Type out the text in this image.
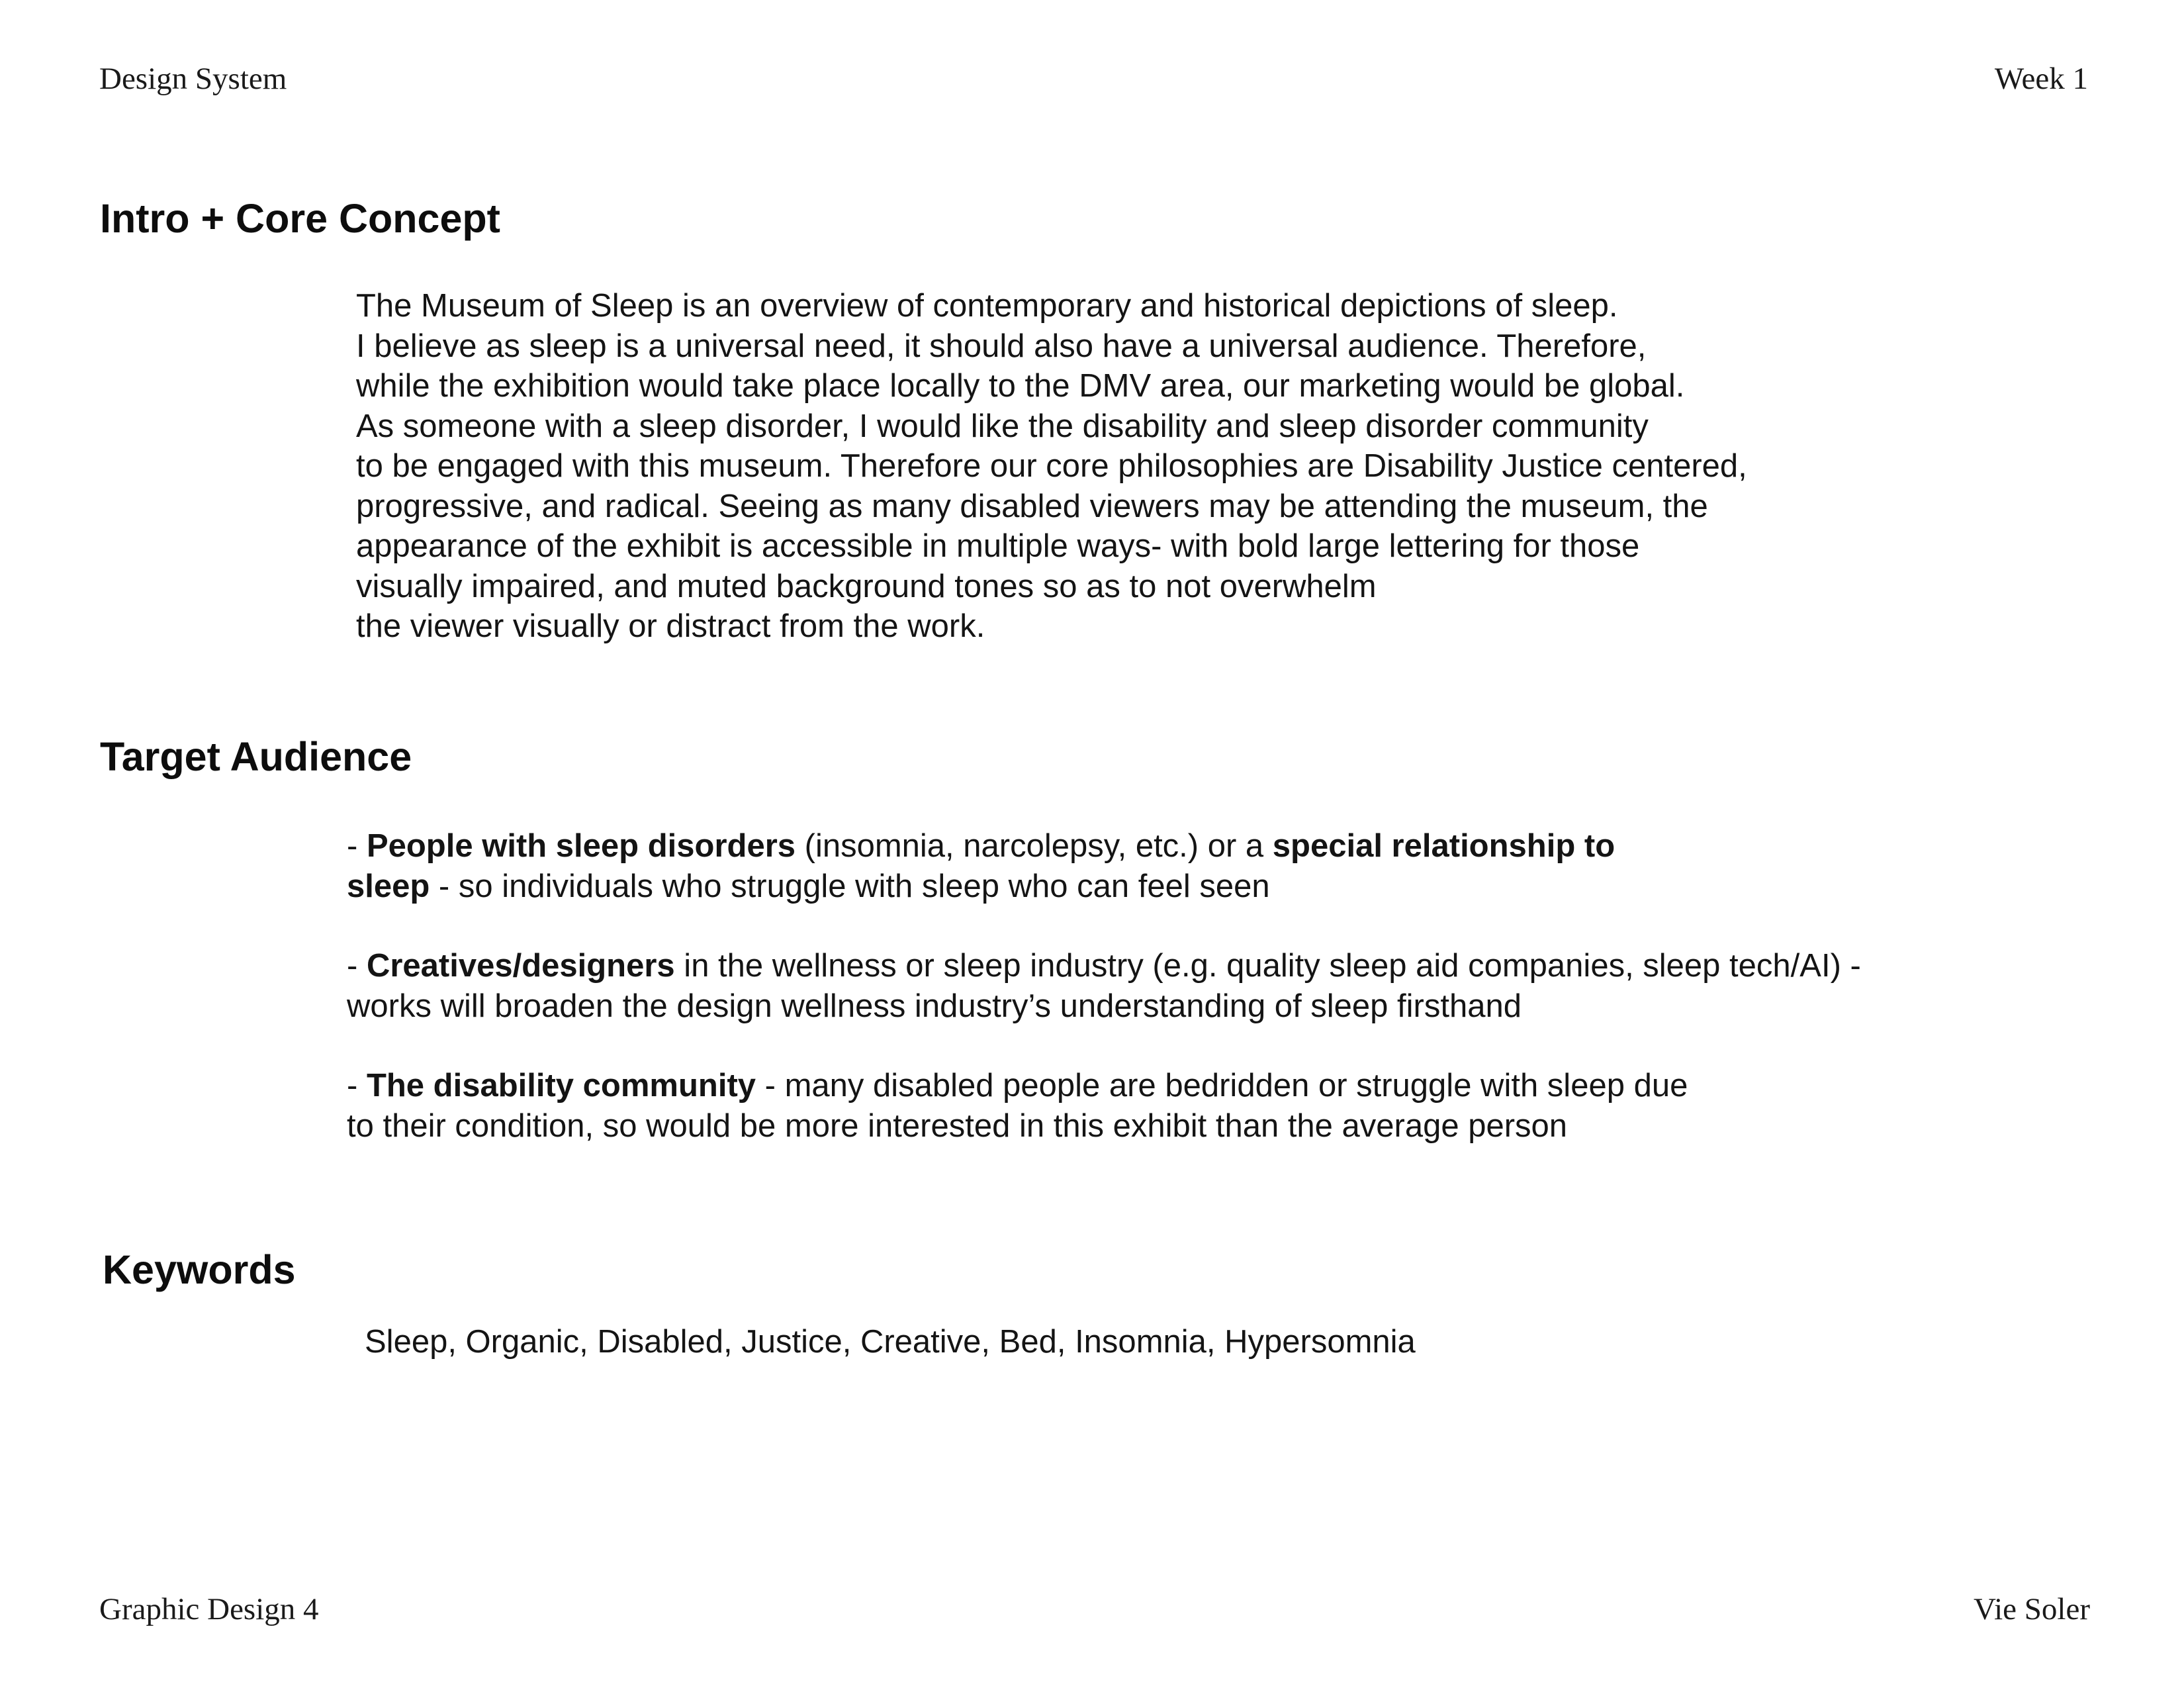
Design System	Week 1
Intro + Core Concept
The Museum of Sleep is an overview of contemporary and historical depictions of sleep.
I believe as sleep is a universal need, it should also have a universal audience. Therefore,
while the exhibition would take place locally to the DMV area, our marketing would be global.
As someone with a sleep disorder, I would like the disability and sleep disorder community
to be engaged with this museum. Therefore our core philosophies are Disability Justice centered,
progressive, and radical. Seeing as many disabled viewers may be attending the museum, the
appearance of the exhibit is accessible in multiple ways- with bold large lettering for those
visually impaired, and muted background tones so as to not overwhelm
the viewer visually or distract from the work.
Target Audience
- People with sleep disorders (insomnia, narcolepsy, etc.) or a special relationship to
sleep - so individuals who struggle with sleep who can feel seen
- Creatives/designers in the wellness or sleep industry (e.g. quality sleep aid companies, sleep tech/AI) -
works will broaden the design wellness industry’s understanding of sleep firsthand
- The disability community - many disabled people are bedridden or struggle with sleep due
to their condition, so would be more interested in this exhibit than the average person
Keywords
Sleep, Organic, Disabled, Justice, Creative, Bed, Insomnia, Hypersomnia
Graphic Design 4	Vie Soler
